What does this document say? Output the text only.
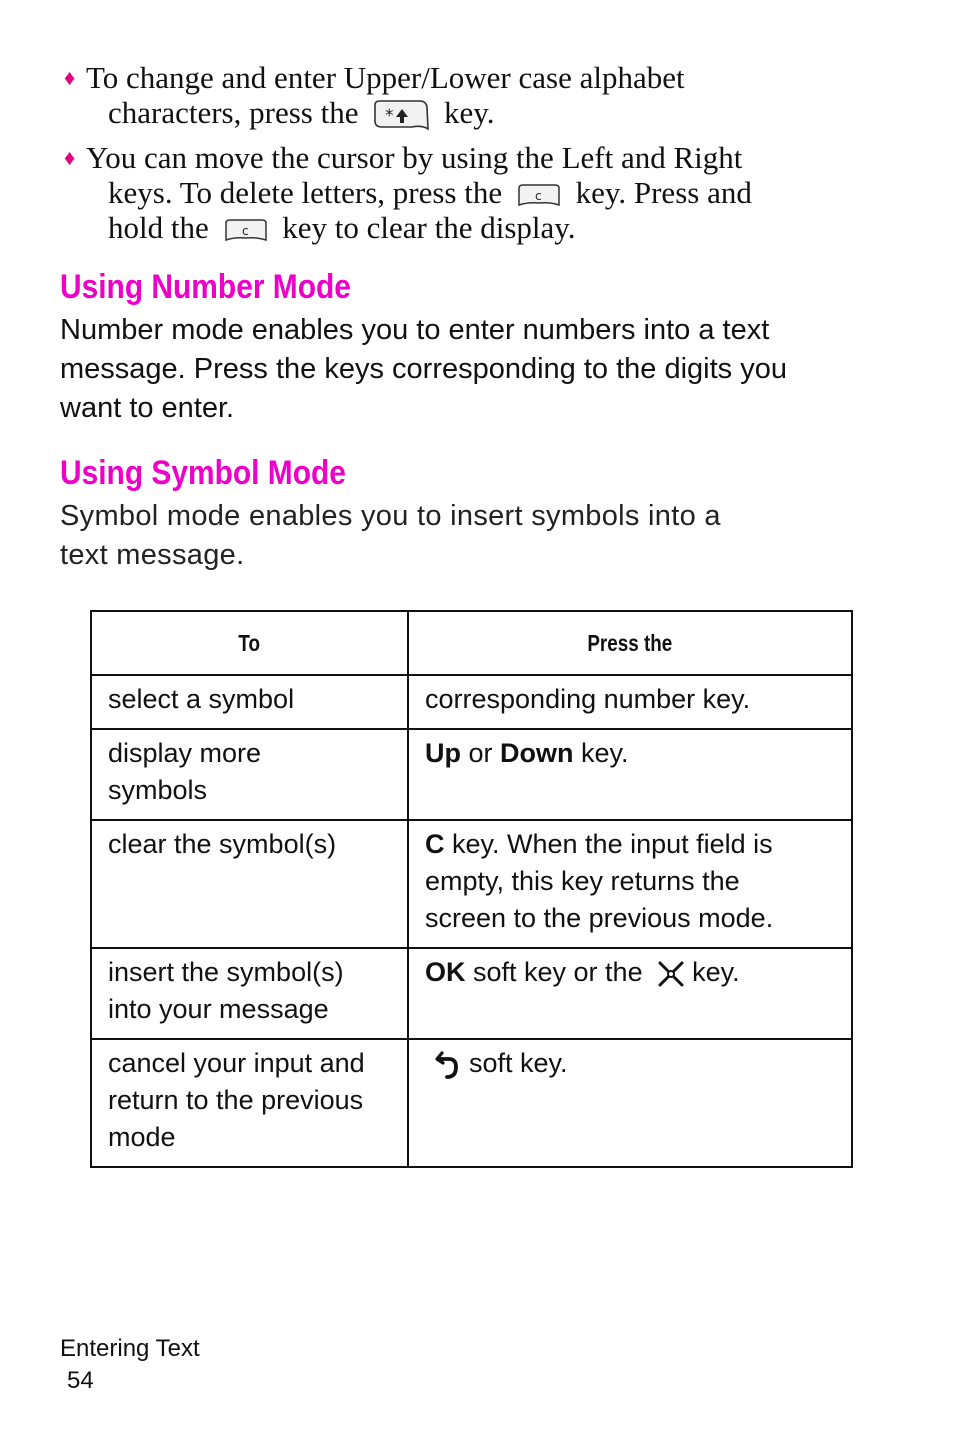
♦ To change and enter Upper/Lower case alphabet
characters, press the * key.
♦ You can move the cursor by using the Left and Right
keys. To delete letters, press the	c key. Press and
hold the	c key to clear the display.
Using Number Mode

Number mode enables you to enter numbers into a text
message. Press the keys corresponding to the digits you
want to enter.

Using Symbol Mode

Symbol mode enables you to insert symbols into a
text message.

To	Press the

select a symbol	corresponding number key.

display more
symbols	Up or Down key.

clear the symbol(s)	C key. When the input field is
empty, this key returns the
screen to the previous mode.

insert the symbol(s)
into your message	OK soft key or the key.

cancel your input and
return to the previous
mode	soft key.
Entering Text
54
